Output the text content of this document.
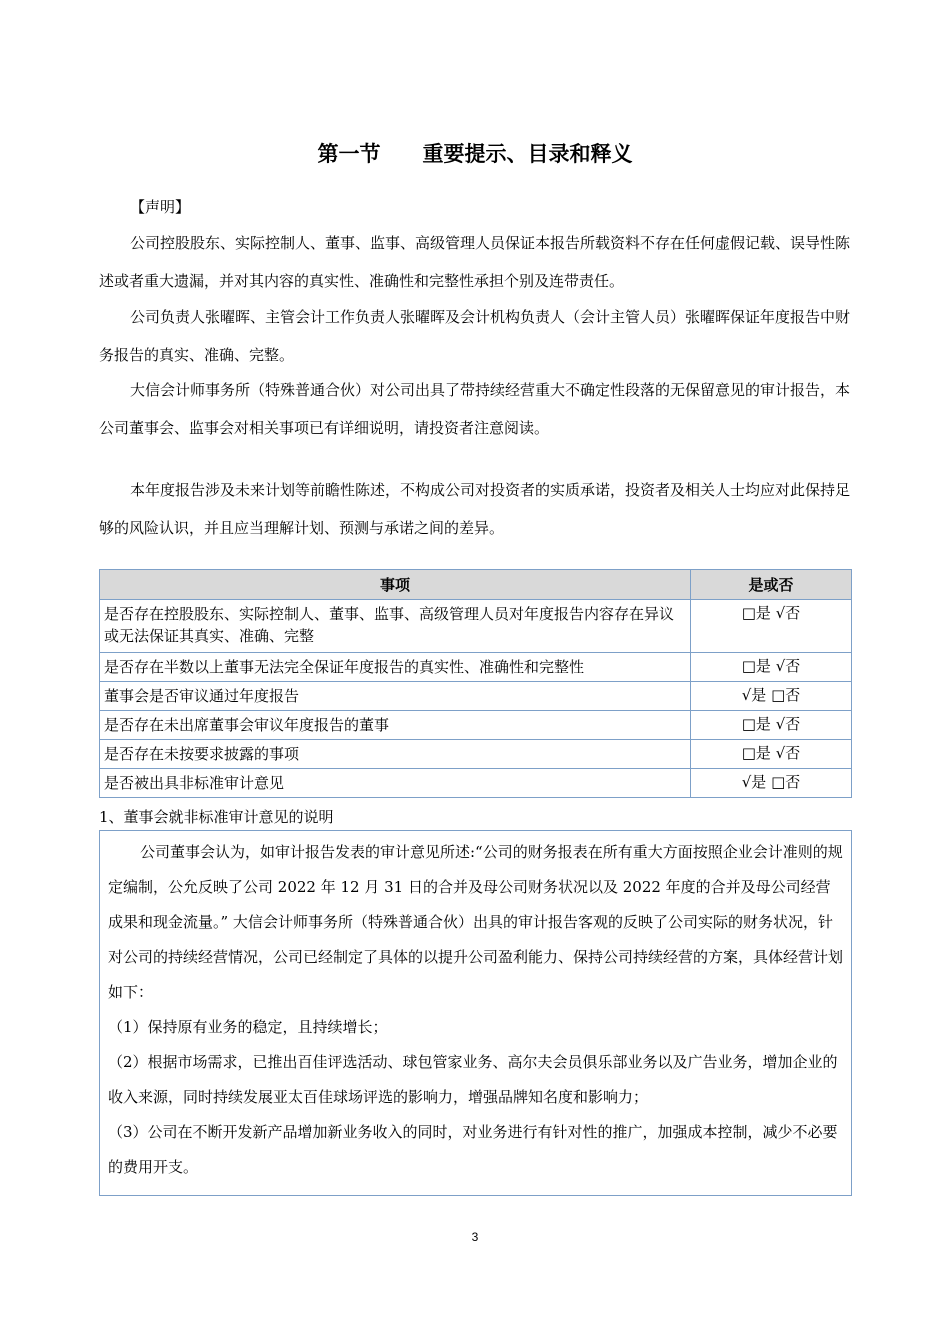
第一节　　重要提示、目录和释义
【声明】
公司控股股东、实际控制人、董事、监事、高级管理人员保证本报告所载资料不存在任何虚假记载、误导性陈述或者重大遗漏，并对其内容的真实性、准确性和完整性承担个别及连带责任。
公司负责人张曜晖、主管会计工作负责人张曜晖及会计机构负责人（会计主管人员）张曜晖保证年度报告中财务报告的真实、准确、完整。
大信会计师事务所（特殊普通合伙）对公司出具了带持续经营重大不确定性段落的无保留意见的审计报告，本公司董事会、监事会对相关事项已有详细说明，请投资者注意阅读。
本年度报告涉及未来计划等前瞻性陈述，不构成公司对投资者的实质承诺，投资者及相关人士均应对此保持足够的风险认识，并且应当理解计划、预测与承诺之间的差异。
事项	是或否
是否存在控股股东、实际控制人、董事、监事、高级管理人员对年度报告内容存在异议或无法保证其真实、准确、完整	□是 √否
是否存在半数以上董事无法完全保证年度报告的真实性、准确性和完整性	□是 √否
董事会是否审议通过年度报告	√是 □否
是否存在未出席董事会审议年度报告的董事	□是 √否
是否存在未按要求披露的事项	□是 √否
是否被出具非标准审计意见	√是 □否
1、董事会就非标准审计意见的说明

公司董事会认为，如审计报告发表的审计意见所述:“公司的财务报表在所有重大方面按照企业会计准则的规定编制，公允反映了公司 2022 年 12 月 31 日的合并及母公司财务状况以及 2022 年度的合并及母公司经营成果和现金流量。” 大信会计师事务所（特殊普通合伙）出具的审计报告客观的反映了公司实际的财务状况，针对公司的持续经营情况，公司已经制定了具体的以提升公司盈利能力、保持公司持续经营的方案，具体经营计划如下：

（1）保持原有业务的稳定，且持续增长；

（2）根据市场需求，已推出百佳评选活动、球包管家业务、高尔夫会员俱乐部业务以及广告业务，增加企业的收入来源，同时持续发展亚太百佳球场评选的影响力，增强品牌知名度和影响力；

（3）公司在不断开发新产品增加新业务收入的同时，对业务进行有针对性的推广，加强成本控制，减少不必要的费用开支。

3
